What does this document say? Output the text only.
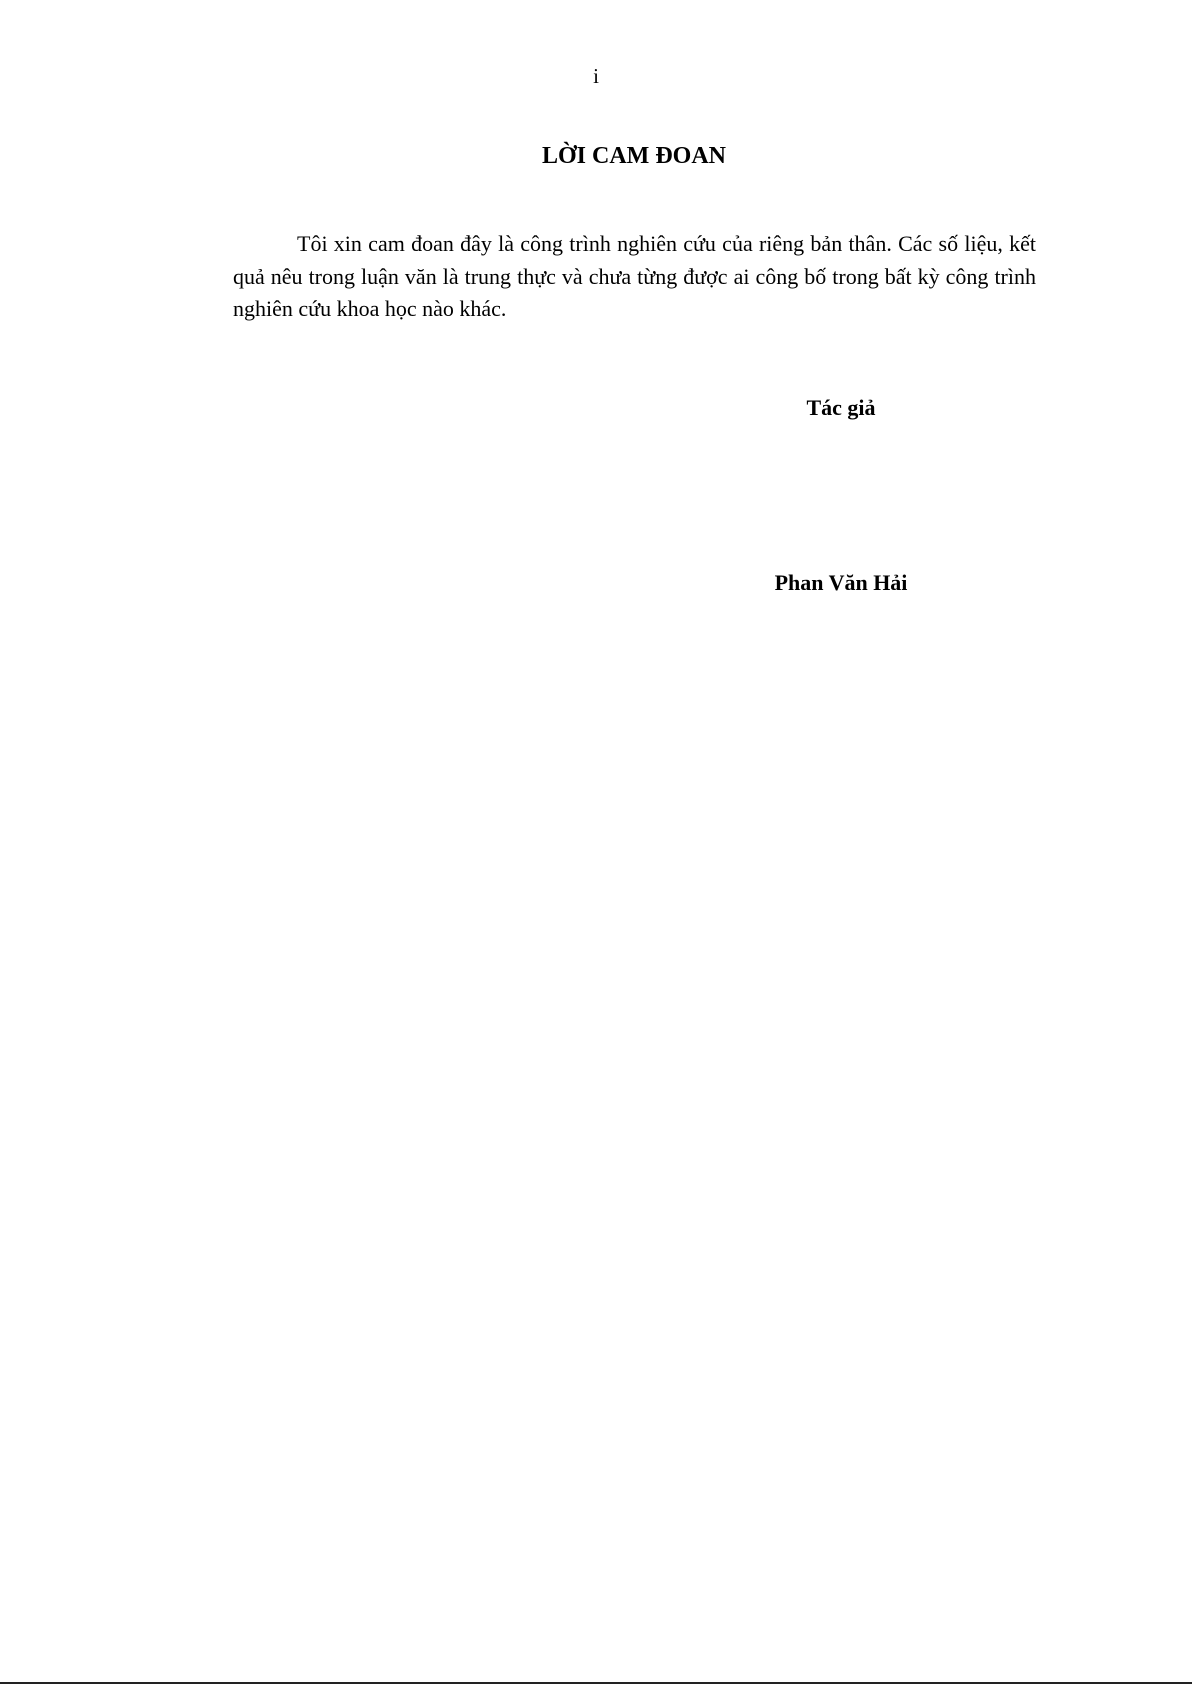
i
LỜI CAM ĐOAN

Tôi xin cam đoan đây là công trình nghiên cứu của riêng bản thân. Các số liệu, kết quả nêu trong luận văn là trung thực và chưa từng được ai công bố trong bất kỳ công trình nghiên cứu khoa học nào khác.

Tác giả
Phan Văn Hải
